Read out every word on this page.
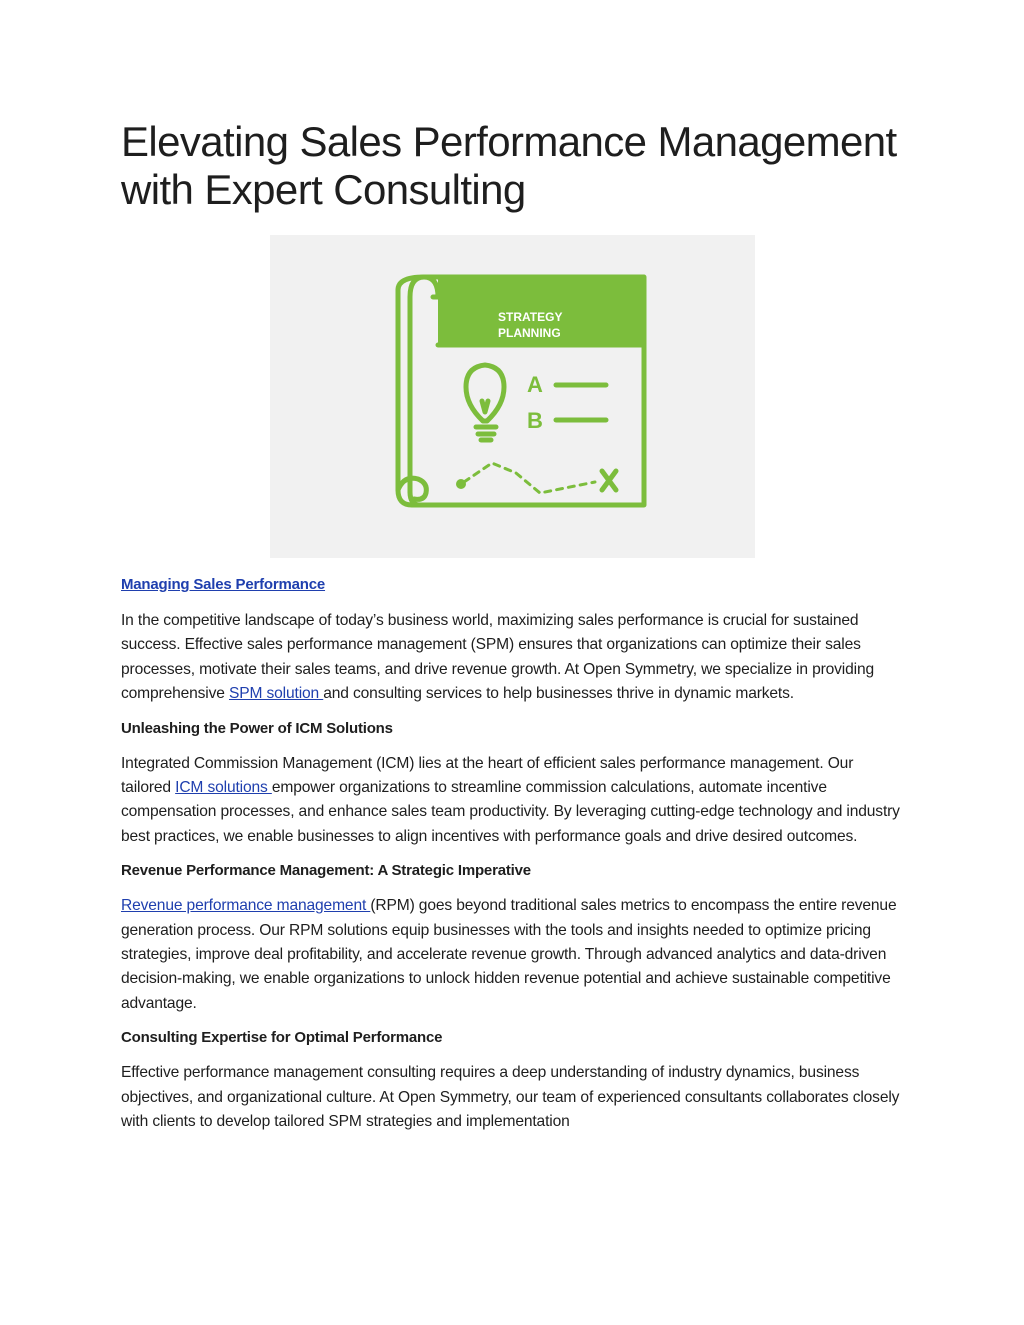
Elevating Sales Performance Management
with Expert Consulting
STRATEGY
PLANNING
A
B
Managing Sales Performance

In the competitive landscape of today’s business world, maximizing sales performance is crucial for sustained success. Effective sales performance management (SPM) ensures that organizations can optimize their sales processes, motivate their sales teams, and drive revenue growth. At Open Symmetry, we specialize in providing comprehensive SPM solution and consulting services to help businesses thrive in dynamic markets.

Unleashing the Power of ICM Solutions

Integrated Commission Management (ICM) lies at the heart of efficient sales performance management. Our tailored ICM solutions empower organizations to streamline commission calculations, automate incentive compensation processes, and enhance sales team productivity. By leveraging cutting-edge technology and industry best practices, we enable businesses to align incentives with performance goals and drive desired outcomes.

Revenue Performance Management: A Strategic Imperative

Revenue performance management (RPM) goes beyond traditional sales metrics to encompass the entire revenue generation process. Our RPM solutions equip businesses with the tools and insights needed to optimize pricing strategies, improve deal profitability, and accelerate revenue growth. Through advanced analytics and data-driven decision-making, we enable organizations to unlock hidden revenue potential and achieve sustainable competitive advantage.

Consulting Expertise for Optimal Performance

Effective performance management consulting requires a deep understanding of industry dynamics, business objectives, and organizational culture. At Open Symmetry, our team of experienced consultants collaborates closely with clients to develop tailored SPM strategies and implementation
